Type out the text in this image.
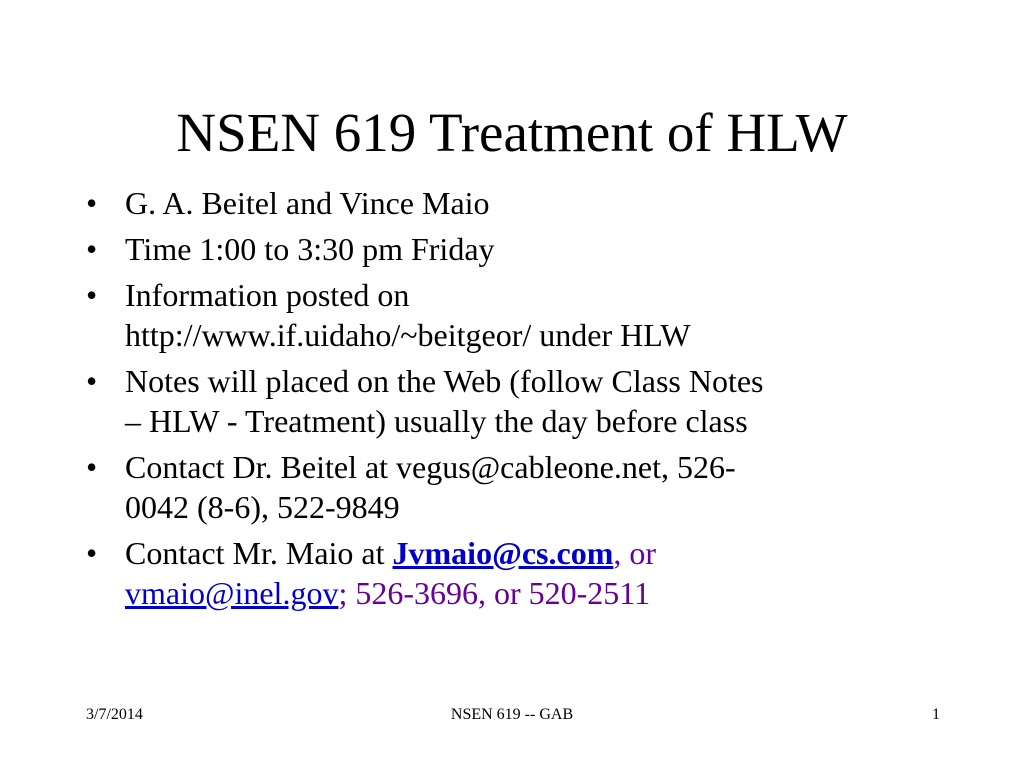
NSEN 619 Treatment of HLW
• G. A. Beitel and Vince Maio
• Time 1:00 to 3:30 pm Friday
• Information posted on
http://www.if.uidaho/~beitgeor/ under HLW
• Notes will placed on the Web (follow Class Notes
– HLW - Treatment) usually the day before class
• Contact Dr. Beitel at vegus@cableone.net, 526-
0042 (8-6), 522-9849
• Contact Mr. Maio at Jvmaio@cs.com, or
vmaio@inel.gov; 526-3696, or 520-2511
3/7/2014	NSEN 619 -- GAB	1
